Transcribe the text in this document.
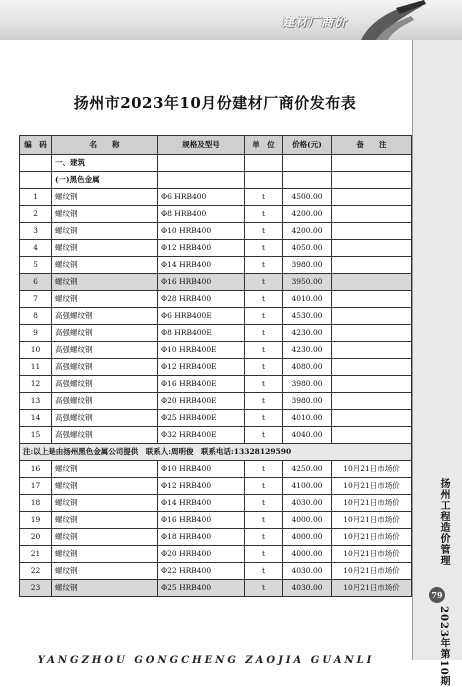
建材厂商价
扬州市2023年10月份建材厂商价发布表
编　码	名　　称	规格及型号	单　位	价格(元)	备　　注
	一、建筑				
	(一)黑色金属				
1	螺纹钢	Φ6 HRB400	t	4500.00	
2	螺纹钢	Φ8 HRB400	t	4200.00	
3	螺纹钢	Φ10 HRB400	t	4200.00	
4	螺纹钢	Φ12 HRB400	t	4050.00	
5	螺纹钢	Φ14 HRB400	t	3980.00	
6	螺纹钢	Φ16 HRB400	t	3950.00	
7	螺纹钢	Φ28 HRB400	t	4010.00	
8	高强螺纹钢	Φ6 HRB400E	t	4530.00	
9	高强螺纹钢	Φ8 HRB400E	t	4230.00	
10	高强螺纹钢	Φ10 HRB400E	t	4230.00	
11	高强螺纹钢	Φ12 HRB400E	t	4080.00	
12	高强螺纹钢	Φ16 HRB400E	t	3980.00	
13	高强螺纹钢	Φ20 HRB400E	t	3980.00	
14	高强螺纹钢	Φ25 HRB400E	t	4010.00	
15	高强螺纹钢	Φ32 HRB400E	t	4040.00	
注:以上是由扬州黑色金属公司提供　联系人:周明俊　联系电话:13328129590					
16	螺纹钢	Φ10 HRB400	t	4250.00	10月21日市场价
17	螺纹钢	Φ12 HRB400	t	4100.00	10月21日市场价
18	螺纹钢	Φ14 HRB400	t	4030.00	10月21日市场价
19	螺纹钢	Φ16 HRB400	t	4000.00	10月21日市场价
20	螺纹钢	Φ18 HRB400	t	4000.00	10月21日市场价
21	螺纹钢	Φ20 HRB400	t	4000.00	10月21日市场价
22	螺纹钢	Φ22 HRB400	t	4030.00	10月21日市场价
23	螺纹钢	Φ25 HRB400	t	4030.00	10月21日市场价
YANGZHOU GONGCHENG ZAOJIA GUANLI
扬州工程造价管理
79
2023年第10期
